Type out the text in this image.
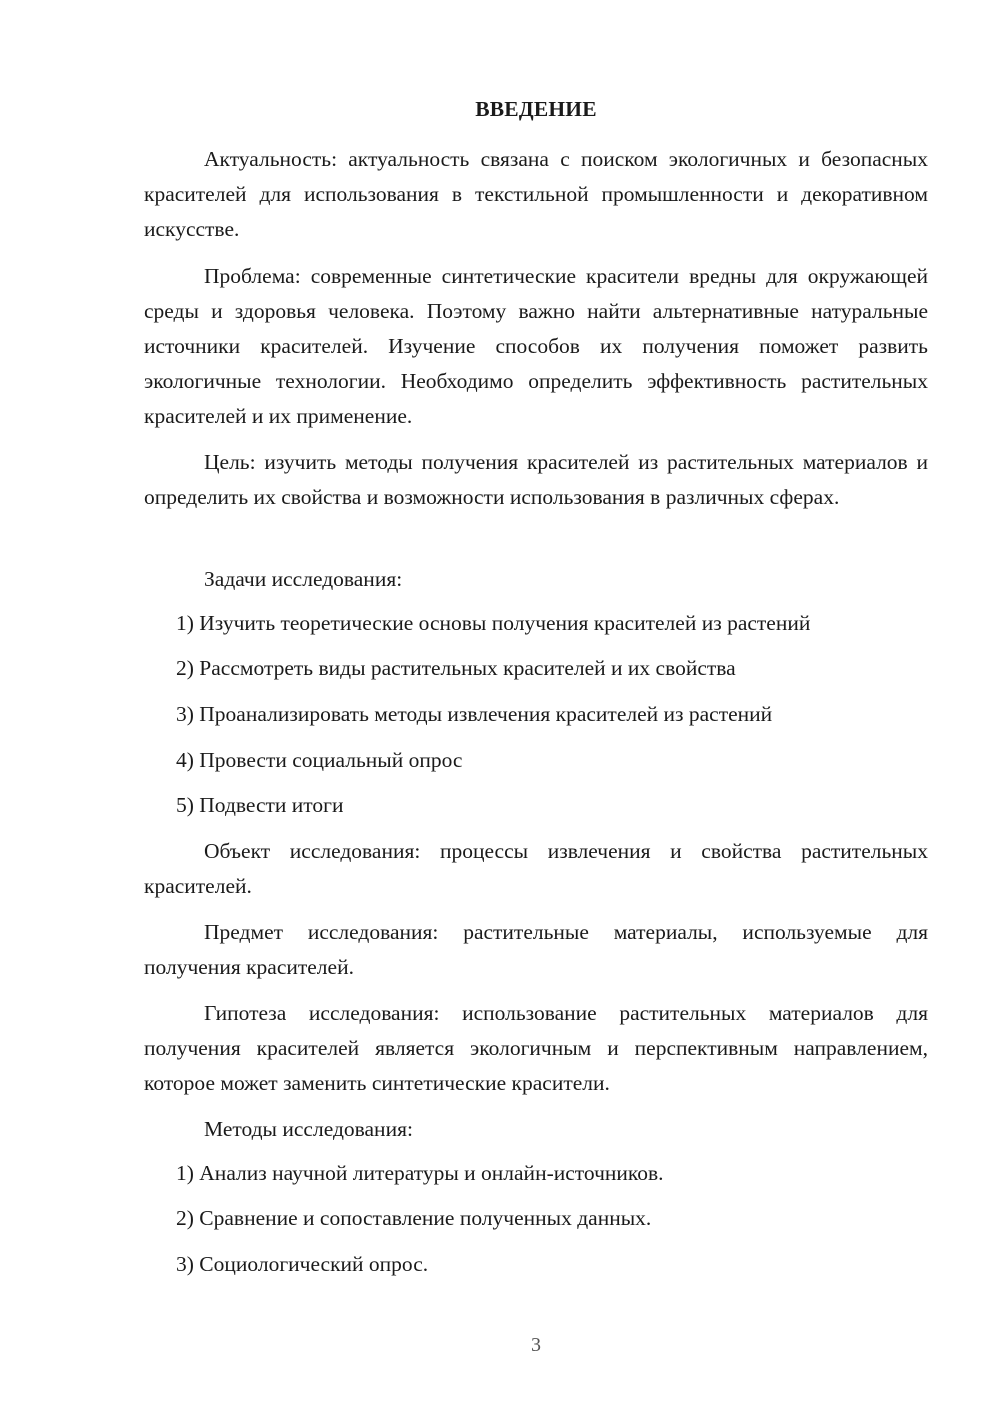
ВВЕДЕНИЕ

Актуальность: актуальность связана с поиском экологичных и безопасных красителей для использования в текстильной промышленности и декоративном искусстве.

Проблема: современные синтетические красители вредны для окружающей среды и здоровья человека. Поэтому важно найти альтернативные натуральные источники красителей. Изучение способов их получения поможет развить экологичные технологии. Необходимо определить эффективность растительных красителей и их применение.

Цель: изучить методы получения красителей из растительных материалов и определить их свойства и возможности использования в различных сферах.

Задачи исследования:

1) Изучить теоретические основы получения красителей из растений
2) Рассмотреть виды растительных красителей и их свойства
3) Проанализировать методы извлечения красителей из растений
4) Провести социальный опрос
5) Подвести итоги

Объект исследования: процессы извлечения и свойства растительных красителей.

Предмет исследования: растительные материалы, используемые для получения красителей.

Гипотеза исследования: использование растительных материалов для получения красителей является экологичным и перспективным направлением, которое может заменить синтетические красители.

Методы исследования:

1) Анализ научной литературы и онлайн-источников.
2) Сравнение и сопоставление полученных данных.
3) Социологический опрос.
3
